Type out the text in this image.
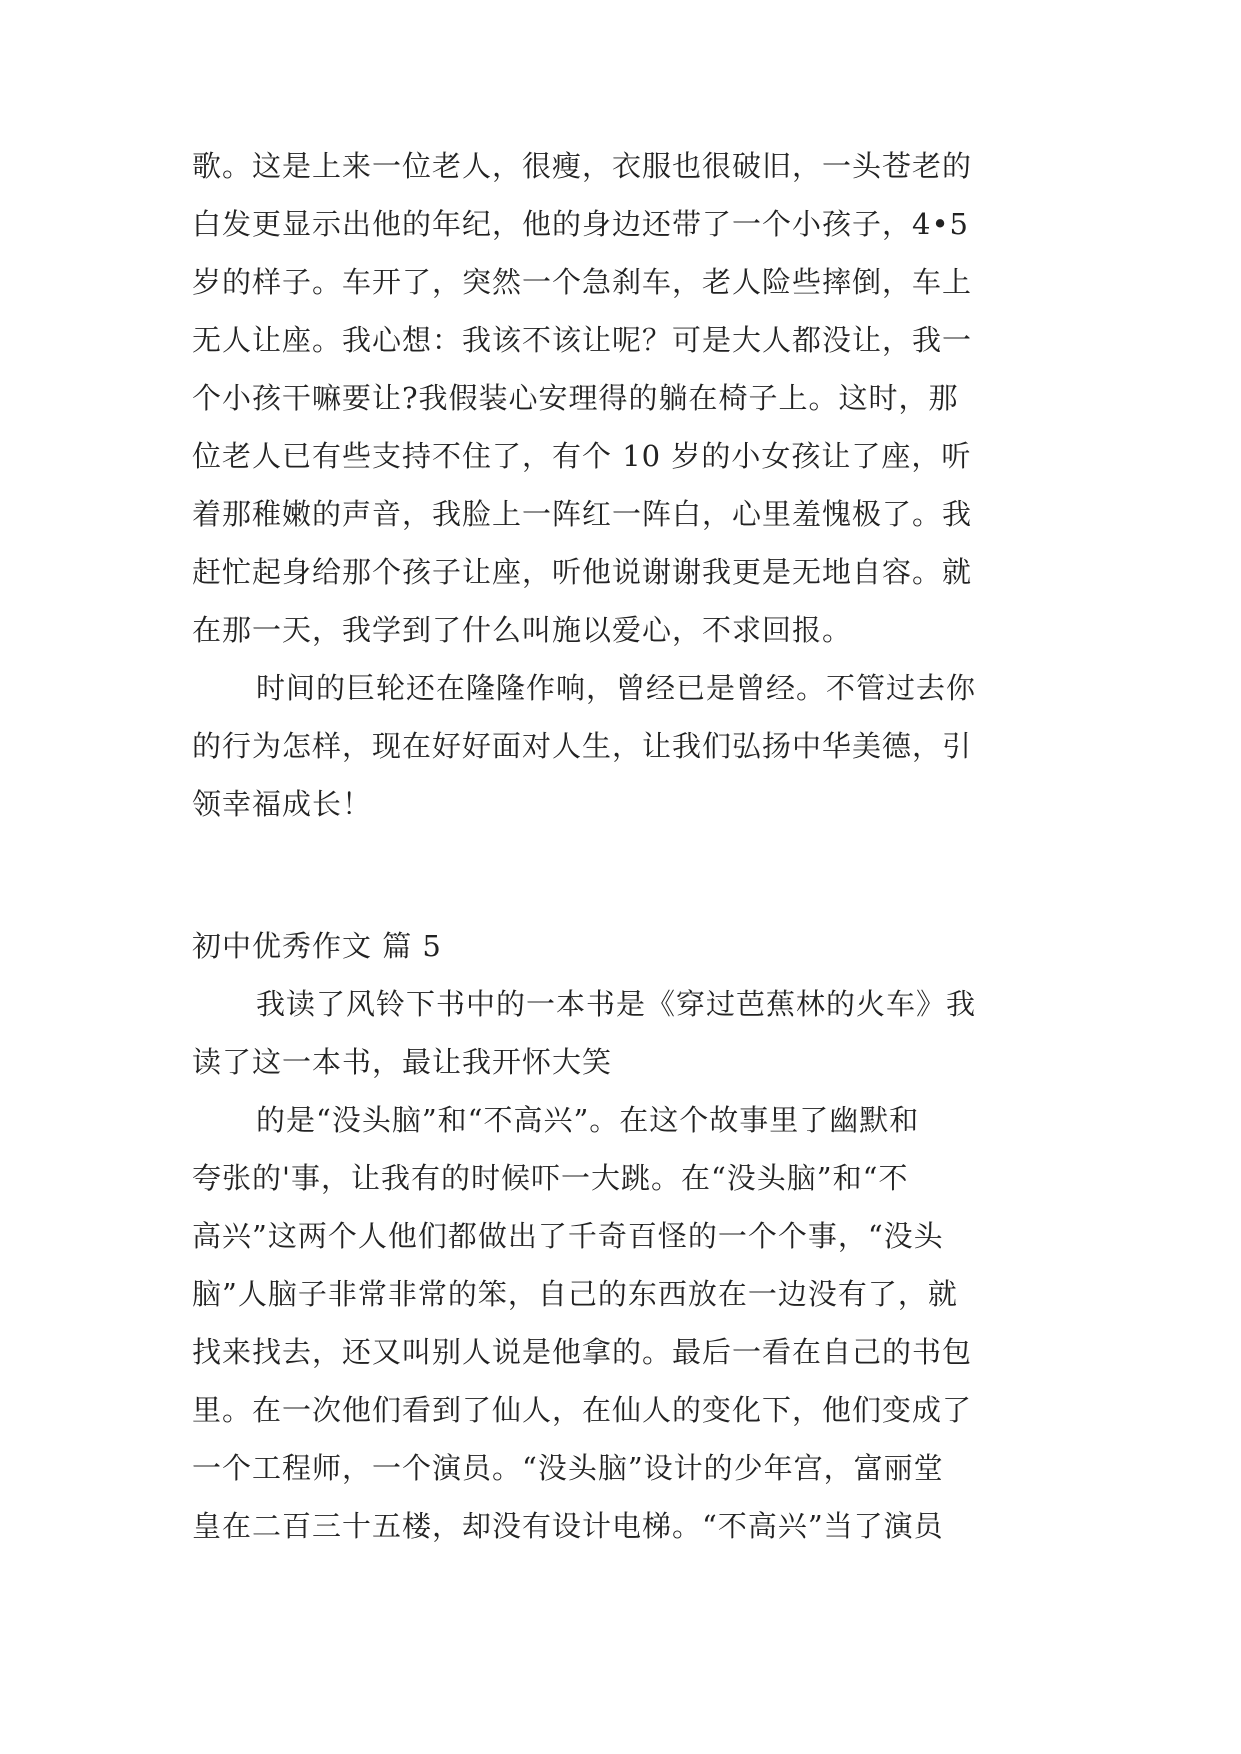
歌。这是上来一位老人，很瘦，衣服也很破旧，一头苍老的
白发更显示出他的年纪，他的身边还带了一个小孩子，4•5
岁的样子。车开了，突然一个急刹车，老人险些摔倒，车上
无人让座。我心想：我该不该让呢？可是大人都没让，我一
个小孩干嘛要让?我假装心安理得的躺在椅子上。这时，那
位老人已有些支持不住了，有个 10 岁的小女孩让了座，听
着那稚嫩的声音，我脸上一阵红一阵白，心里羞愧极了。我
赶忙起身给那个孩子让座，听他说谢谢我更是无地自容。就
在那一天，我学到了什么叫施以爱心，不求回报。
时间的巨轮还在隆隆作响，曾经已是曾经。不管过去你
的行为怎样，现在好好面对人生，让我们弘扬中华美德，引
领幸福成长！
初中优秀作文 篇 5
我读了风铃下书中的一本书是《穿过芭蕉林的火车》我
读了这一本书，最让我开怀大笑
的是“没头脑”和“不高兴”。在这个故事里了幽默和
夸张的'事，让我有的时候吓一大跳。在“没头脑”和“不
高兴”这两个人他们都做出了千奇百怪的一个个事，“没头
脑”人脑子非常非常的笨，自己的东西放在一边没有了，就
找来找去，还又叫别人说是他拿的。最后一看在自己的书包
里。在一次他们看到了仙人，在仙人的变化下，他们变成了
一个工程师，一个演员。“没头脑”设计的少年宫，富丽堂
皇在二百三十五楼，却没有设计电梯。“不高兴”当了演员
